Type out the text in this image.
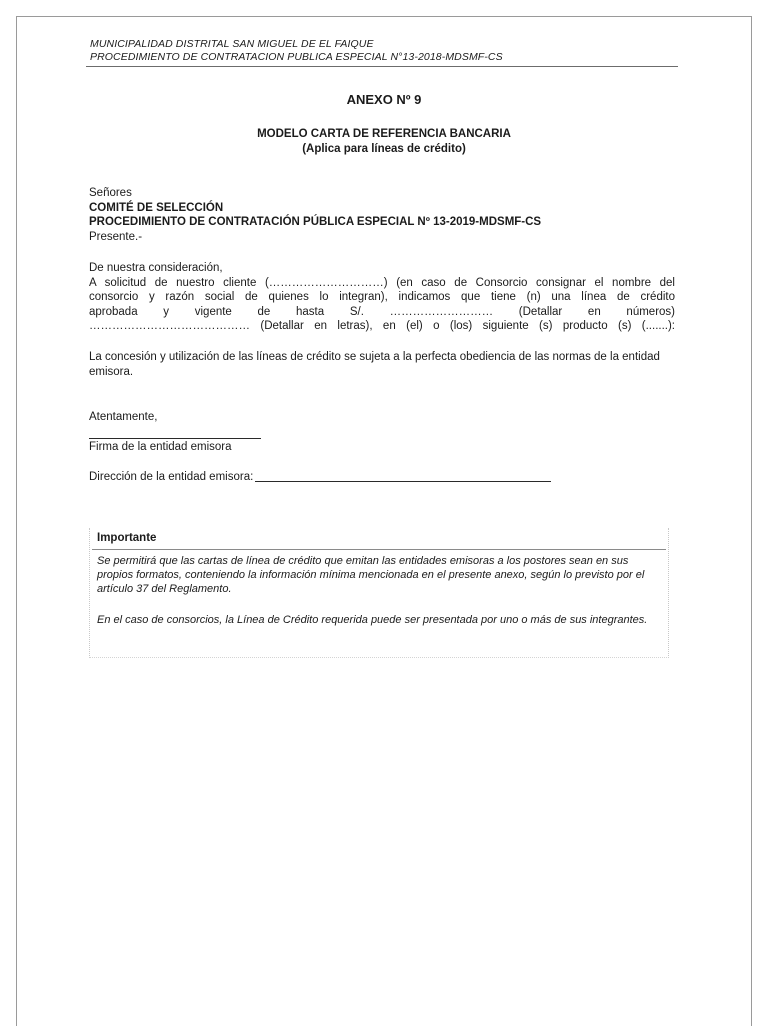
MUNICIPALIDAD DISTRITAL SAN MIGUEL DE EL FAIQUE
PROCEDIMIENTO DE CONTRATACION PUBLICA ESPECIAL N°13-2018-MDSMF-CS
ANEXO Nº 9
MODELO CARTA DE REFERENCIA BANCARIA
(Aplica para líneas de crédito)
Señores
COMITÉ DE SELECCIÓN
PROCEDIMIENTO DE CONTRATACIÓN PÚBLICA ESPECIAL Nº 13-2019-MDSMF-CS
Presente.-
De nuestra consideración,
A solicitud de nuestro cliente (…………………………) (en caso de Consorcio consignar el nombre del
consorcio y razón social de quienes lo integran), indicamos que tiene (n) una línea de crédito
aprobada y vigente de hasta S/. ……………………… (Detallar en números)
…………………………………… (Detallar en letras), en (el) o (los) siguiente (s) producto (s) (.......):
La concesión y utilización de las líneas de crédito se sujeta a la perfecta obediencia de las normas de la entidad emisora.
Atentamente,
Firma de la entidad emisora
Dirección de la entidad emisora:
Importante
Se permitirá que las cartas de línea de crédito que emitan las entidades emisoras a los postores sean en sus propios formatos, conteniendo la información mínima mencionada en el presente anexo, según lo previsto por el artículo 37 del Reglamento.
En el caso de consorcios, la Línea de Crédito requerida puede ser presentada por uno o más de sus integrantes.
